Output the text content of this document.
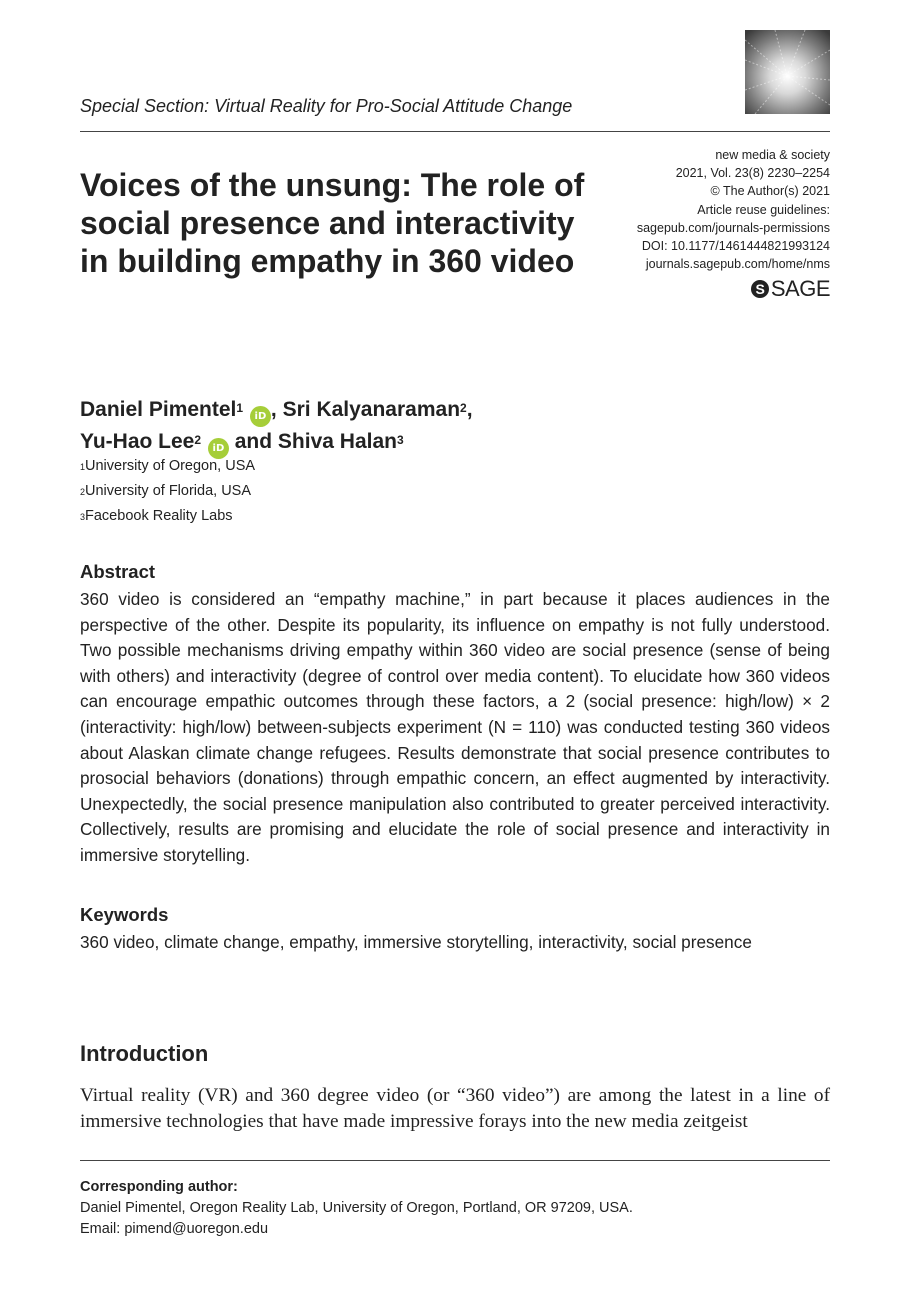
Special Section: Virtual Reality for Pro-Social Attitude Change
Voices of the unsung: The role of social presence and interactivity in building empathy in 360 video
new media & society
2021, Vol. 23(8) 2230–2254
© The Author(s) 2021
Article reuse guidelines:
sagepub.com/journals-permissions
DOI: 10.1177/1461444821993124
journals.sagepub.com/home/nms
S SAGE
Daniel Pimentel$^1$ iD , Sri Kalyanaraman$^2$,
Yu-Hao Lee$^2$ iD and Shiva Halan$^3$
$^1$University of Oregon, USA
$^2$University of Florida, USA
$^3$Facebook Reality Labs
Abstract

360 video is considered an “empathy machine,” in part because it places audiences in the perspective of the other. Despite its popularity, its influence on empathy is not fully understood. Two possible mechanisms driving empathy within 360 video are social presence (sense of being with others) and interactivity (degree of control over media content). To elucidate how 360 videos can encourage empathic outcomes through these factors, a 2 (social presence: high/low) × 2 (interactivity: high/low) between-subjects experiment (N = 110) was conducted testing 360 videos about Alaskan climate change refugees. Results demonstrate that social presence contributes to prosocial behaviors (donations) through empathic concern, an effect augmented by interactivity. Unexpectedly, the social presence manipulation also contributed to greater perceived interactivity. Collectively, results are promising and elucidate the role of social presence and interactivity in immersive storytelling.

Keywords

360 video, climate change, empathy, immersive storytelling, interactivity, social presence

Introduction

Virtual reality (VR) and 360 degree video (or “360 video”) are among the latest in a line of immersive technologies that have made impressive forays into the new media zeitgeist

Corresponding author:
Daniel Pimentel, Oregon Reality Lab, University of Oregon, Portland, OR 97209, USA.
Email: pimend@uoregon.edu
